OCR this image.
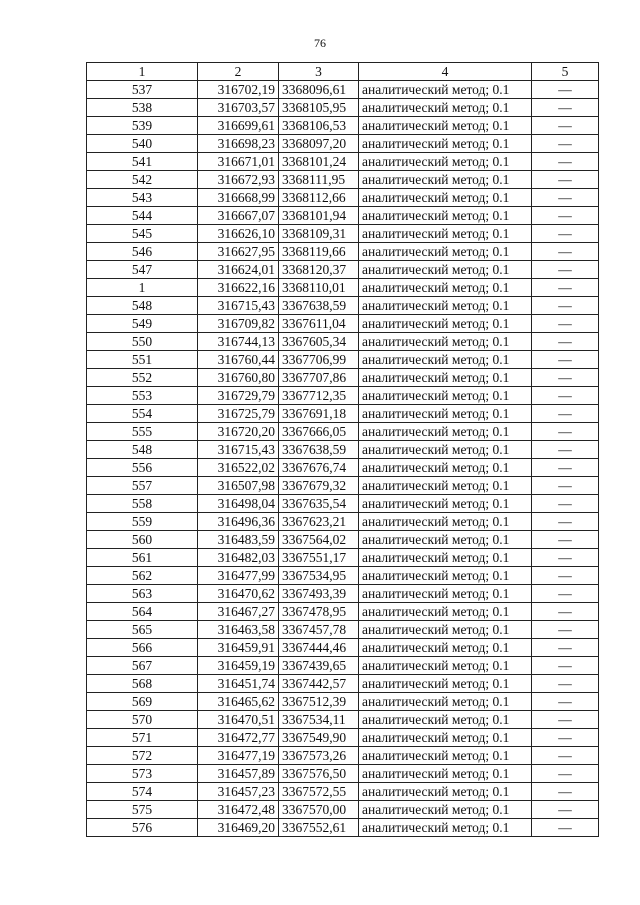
76
1	2	3	4	5
537	316702,19	3368096,61	аналитический метод; 0.1	—
538	316703,57	3368105,95	аналитический метод; 0.1	—
539	316699,61	3368106,53	аналитический метод; 0.1	—
540	316698,23	3368097,20	аналитический метод; 0.1	—
541	316671,01	3368101,24	аналитический метод; 0.1	—
542	316672,93	3368111,95	аналитический метод; 0.1	—
543	316668,99	3368112,66	аналитический метод; 0.1	—
544	316667,07	3368101,94	аналитический метод; 0.1	—
545	316626,10	3368109,31	аналитический метод; 0.1	—
546	316627,95	3368119,66	аналитический метод; 0.1	—
547	316624,01	3368120,37	аналитический метод; 0.1	—
1	316622,16	3368110,01	аналитический метод; 0.1	—
548	316715,43	3367638,59	аналитический метод; 0.1	—
549	316709,82	3367611,04	аналитический метод; 0.1	—
550	316744,13	3367605,34	аналитический метод; 0.1	—
551	316760,44	3367706,99	аналитический метод; 0.1	—
552	316760,80	3367707,86	аналитический метод; 0.1	—
553	316729,79	3367712,35	аналитический метод; 0.1	—
554	316725,79	3367691,18	аналитический метод; 0.1	—
555	316720,20	3367666,05	аналитический метод; 0.1	—
548	316715,43	3367638,59	аналитический метод; 0.1	—
556	316522,02	3367676,74	аналитический метод; 0.1	—
557	316507,98	3367679,32	аналитический метод; 0.1	—
558	316498,04	3367635,54	аналитический метод; 0.1	—
559	316496,36	3367623,21	аналитический метод; 0.1	—
560	316483,59	3367564,02	аналитический метод; 0.1	—
561	316482,03	3367551,17	аналитический метод; 0.1	—
562	316477,99	3367534,95	аналитический метод; 0.1	—
563	316470,62	3367493,39	аналитический метод; 0.1	—
564	316467,27	3367478,95	аналитический метод; 0.1	—
565	316463,58	3367457,78	аналитический метод; 0.1	—
566	316459,91	3367444,46	аналитический метод; 0.1	—
567	316459,19	3367439,65	аналитический метод; 0.1	—
568	316451,74	3367442,57	аналитический метод; 0.1	—
569	316465,62	3367512,39	аналитический метод; 0.1	—
570	316470,51	3367534,11	аналитический метод; 0.1	—
571	316472,77	3367549,90	аналитический метод; 0.1	—
572	316477,19	3367573,26	аналитический метод; 0.1	—
573	316457,89	3367576,50	аналитический метод; 0.1	—
574	316457,23	3367572,55	аналитический метод; 0.1	—
575	316472,48	3367570,00	аналитический метод; 0.1	—
576	316469,20	3367552,61	аналитический метод; 0.1	—
